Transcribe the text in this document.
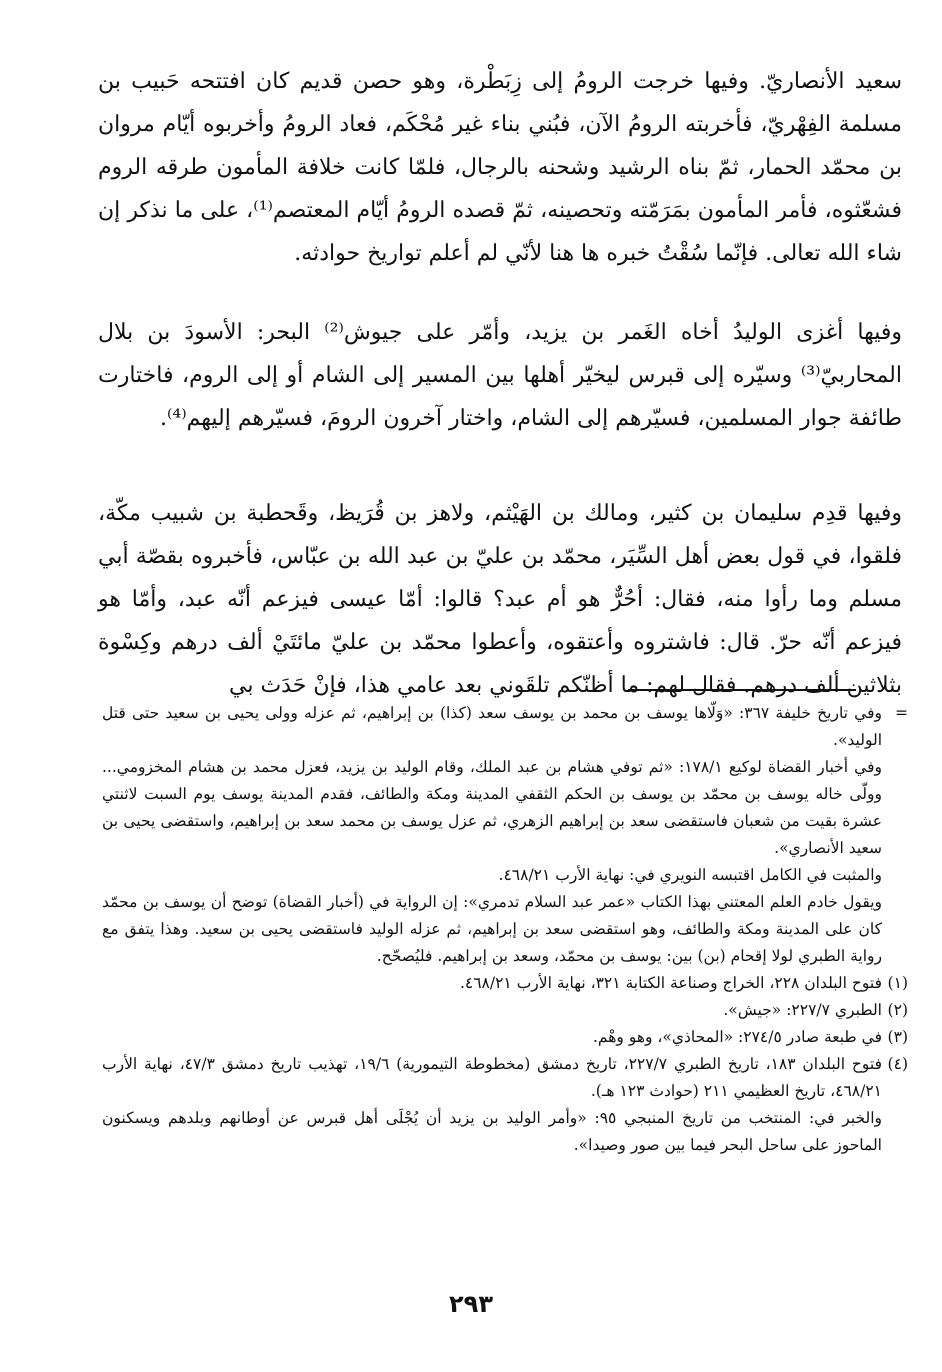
سعيد الأنصاريّ. وفيها خرجت الرومُ إلى زِبَطْرة، وهو حصن قديم كان افتتحه حَبيب بن مسلمة الفِهْريّ، فأخربته الرومُ الآن، فبُني بناء غير مُحْكَم، فعاد الرومُ وأخربوه أيّام مروان بن محمّد الحمار، ثمّ بناه الرشيد وشحنه بالرجال، فلمّا كانت خلافة المأمون طرقه الروم فشعّثوه، فأمر المأمون بمَرَمّته وتحصينه، ثمّ قصده الرومُ أيّام المعتصم⁽¹⁾، على ما نذكر إن شاء الله تعالى. فإنّما سُقْتُ خبره ها هنا لأنّي لم أعلم تواريخ حوادثه.

وفيها أغزى الوليدُ أخاه الغَمر بن يزيد، وأمّر على جيوش⁽²⁾ البحر: الأسودَ بن بلال المحاربيّ⁽³⁾ وسيّره إلى قبرس ليخيّر أهلها بين المسير إلى الشام أو إلى الروم، فاختارت طائفة جوار المسلمين، فسيّرهم إلى الشام، واختار آخرون الرومَ، فسيّرهم إليهم⁽⁴⁾.

وفيها قدِم سليمان بن كثير، ومالك بن الهَيْثم، ولاهز بن قُرَيظ، وقَحطبة بن شبيب مكّة، فلقوا، في قول بعض أهل السِّيَر، محمّد بن عليّ بن عبد الله بن عبّاس، فأخبروه بقصّة أبي مسلم وما رأوا منه، فقال: أحُرٌّ هو أم عبد؟ قالوا: أمّا عيسى فيزعم أنّه عبد، وأمّا هو فيزعم أنّه حرّ. قال: فاشتروه وأعتقوه، وأعطوا محمّد بن عليّ مائتَيْ ألف درهم وكِسْوة بثلاثين ألف درهم. فقال لهم: ما أظنّكم تلقَوني بعد عامي هذا، فإنْ حَدَث بي

=
وفي تاريخ خليفة ٣٦٧: «وَلّاها يوسف بن محمد بن يوسف سعد (كذا) بن إبراهيم، ثم عزله وولى يحيى بن سعيد حتى قتل الوليد».

وفي أخبار القضاة لوكيع ١٧٨/١: «ثم توفي هشام بن عبد الملك، وقام الوليد بن يزيد، فعزل محمد بن هشام المخزومي... وولّى خاله يوسف بن محمّد بن يوسف بن الحكم الثقفي المدينة ومكة والطائف، فقدم المدينة يوسف يوم السبت لاثنتي عشرة بقيت من شعبان فاستقضى سعد بن إبراهيم الزهري، ثم عزل يوسف بن محمد سعد بن إبراهيم، واستقضى يحيى بن سعيد الأنصاري».

والمثبت في الكامل اقتبسه النويري في: نهاية الأرب ٤٦٨/٢١.

ويقول خادم العلم المعتني بهذا الكتاب «عمر عبد السلام تدمري»: إن الرواية في (أخبار القضاة) توضح أن يوسف بن محمّد كان على المدينة ومكة والطائف، وهو استقضى سعد بن إبراهيم، ثم عزله الوليد فاستقضى يحيى بن سعيد. وهذا يتفق مع رواية الطبري لولا إقحام (بن) بين: يوسف بن محمّد، وسعد بن إبراهيم. فليُصحّح.

(١)
فتوح البلدان ٢٢٨، الخراج وصناعة الكتابة ٣٢١، نهاية الأرب ٤٦٨/٢١.

(٢)
الطبري ٢٢٧/٧: «جيش».

(٣)
في طبعة صادر ٢٧٤/٥: «المحاذي»، وهو وهْم.

(٤)
فتوح البلدان ١٨٣، تاريخ الطبري ٢٢٧/٧، تاريخ دمشق (مخطوطة التيمورية) ١٩/٦، تهذيب تاريخ دمشق ٤٧/٣، نهاية الأرب ٤٦٨/٢١، تاريخ العظيمي ٢١١ (حوادث ١٢٣ هـ).

والخبر في: المنتخب من تاريخ المنبجي ٩٥: «وأمر الوليد بن يزيد أن يُجْلَى أهل قبرس عن أوطانهم وبلدهم ويسكنون الماحوز على ساحل البحر فيما بين صور وصيدا».

٢٩٣
